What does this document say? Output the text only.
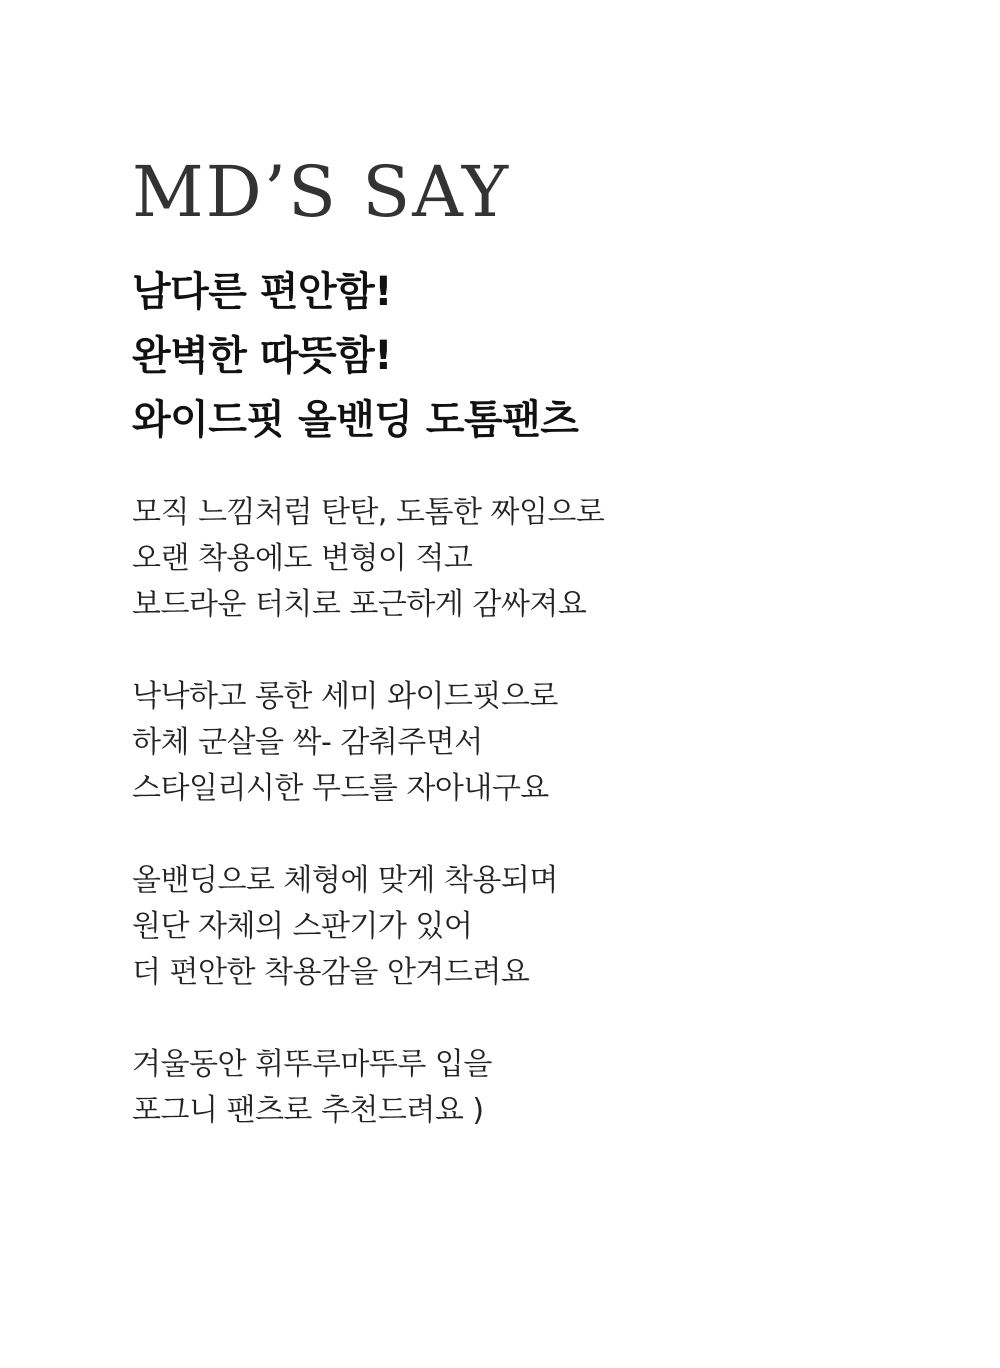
MD’S SAY
남다른 편안함!
완벽한 따뜻함!
와이드핏 올밴딩 도톰팬츠
모직 느낌처럼 탄탄, 도톰한 짜임으로
오랜 착용에도 변형이 적고
보드라운 터치로 포근하게 감싸져요
낙낙하고 롱한 세미 와이드핏으로
하체 군살을 싹- 감춰주면서
스타일리시한 무드를 자아내구요
올밴딩으로 체형에 맞게 착용되며
원단 자체의 스판기가 있어
더 편안한 착용감을 안겨드려요
겨울동안 휘뚜루마뚜루 입을
포그니 팬츠로 추천드려요 )
